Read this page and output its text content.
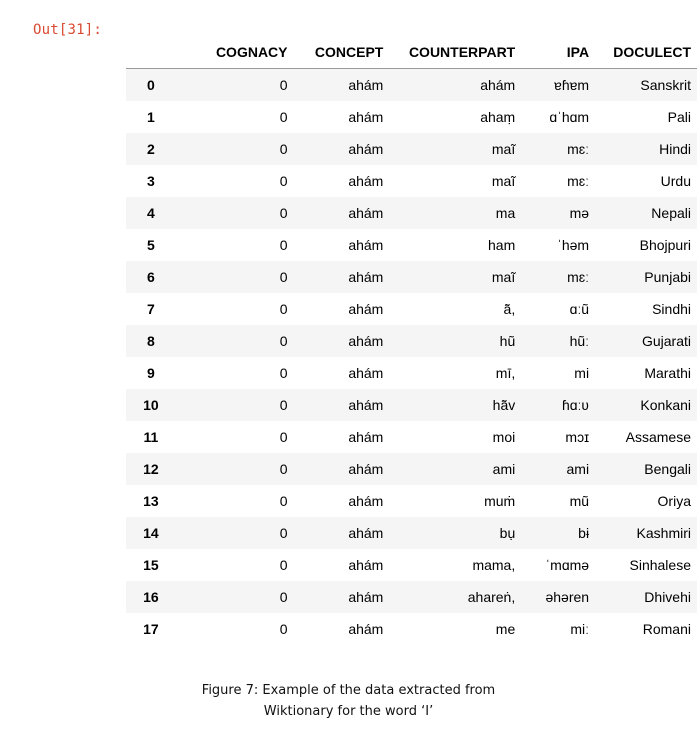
Out[31]:
	COGNACY	CONCEPT	COUNTERPART	IPA	DOCULECT
0	0	ahám	ahám	ɐɦɐm	Sanskrit
1	0	ahám	ahaṃ	ɑˈhɑm	Pali
2	0	ahám	maĩ	mɛː	Hindi
3	0	ahám	maĩ	mɛː	Urdu
4	0	ahám	ma	mə	Nepali
5	0	ahám	ham	ˈhəm	Bhojpuri
6	0	ahám	maĩ	mɛː	Punjabi
7	0	ahám	ā̃,	ɑːũ	Sindhi
8	0	ahám	hũ	hũː	Gujarati
9	0	ahám	mī,	mi	Marathi
10	0	ahám	hā̃v	ɦɑːʋ	Konkani
11	0	ahám	moi	mɔɪ	Assamese
12	0	ahám	ami	ami	Bengali
13	0	ahám	muṁ	mũ	Oriya
14	0	ahám	bụ	bɨ	Kashmiri
15	0	ahám	mama,	ˈmɑmə	Sinhalese
16	0	ahám	ahareṅ,	əhəren	Dhivehi
17	0	ahám	me	miː	Romani
Figure 7: Example of the data extracted from
Wiktionary for the word ‘I’
